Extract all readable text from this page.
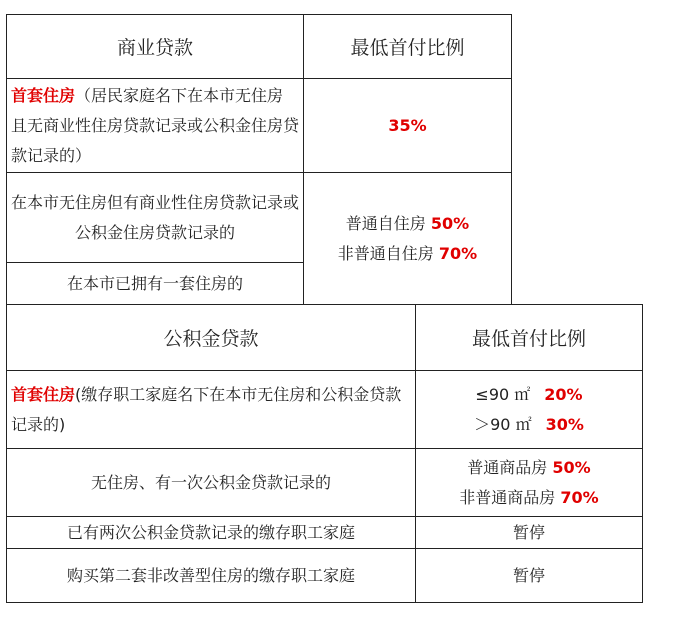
商业贷款	最低首付比例
首套住房（居民家庭名下在本市无住房且无商业性住房贷款记录或公积金住房贷款记录的）	35%
在本市无住房但有商业性住房贷款记录或公积金住房贷款记录的	普通自住房 50%
非普通自住房 70%

在本市已拥有一套住房的	
公积金贷款	最低首付比例
首套住房(缴存职工家庭名下在本市无住房和公积金贷款记录的)	≤90 ㎡ 20%
＞90 ㎡ 30%

无住房、有一次公积金贷款记录的	普通商品房 50%
非普通商品房 70%

已有两次公积金贷款记录的缴存职工家庭	暂停
购买第二套非改善型住房的缴存职工家庭	暂停
